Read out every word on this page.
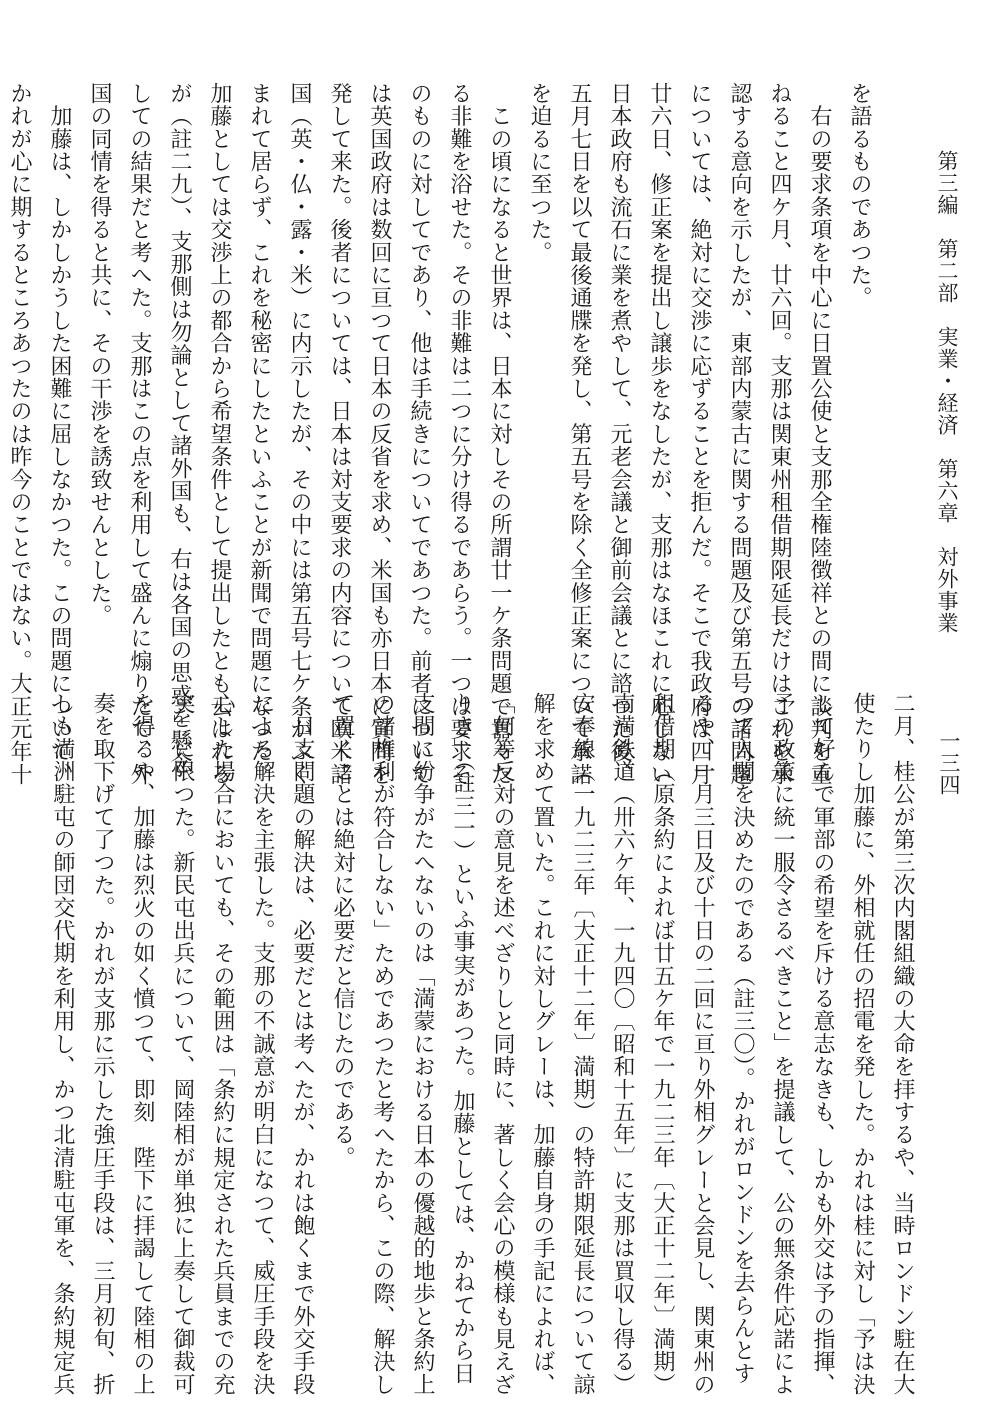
第三編　第二部　実業・経済　第六章　対外事業
一三四
を語るものであつた。
　右の要求条項を中心に日置公使と支那全権陸徴祥との間に談判を重
ねること四ケ月、廿六回。支那は関東州租借期限延長だけはこれを承
認する意向を示したが、東部内蒙古に関する問題及び第五号の諸問題
については、絶対に交渉に応ずることを拒んだ。そこで我政府は四月
廿六日、修正案を提出し譲歩をなしたが、支那はなほこれに応じない
日本政府も流石に業を煮やして、元老会議と御前会議とに諮つた後、
五月七日を以て最後通牒を発し、第五号を除く全修正案について承諾
を迫るに至つた。
　この頃になると世界は、日本に対しその所謂廿一ケ条問題で囂々た
る非難を浴せた。その非難は二つに分け得るであらう。一つは要求そ
のものに対してであり、他は手続きについてであつた。前者について
は英国政府は数回に亘つて日本の反省を求め、米国も亦日本に質問を
発して来た。後者については、日本は対支要求の内容について欧米諸
国（英・仏・露・米）に内示したが、その中には第五号七ケ条がふく
まれて居らず、これを秘密にしたといふことが新聞で問題になつた。
加藤としては交渉上の都合から希望条件として提出したとも云はれる
が（註二九）、支那側は勿論として諸外国も、右は各国の思惑を懸念
しての結果だと考へた。支那はこの点を利用して盛んに煽りたて、外
国の同情を得ると共に、その干渉を誘致せんとした。
　加藤は、しかしかうした困難に屈しなかつた。この問題について、
かれが心に期するところあつたのは昨今のことではない。大正元年十
二月、桂公が第三次内閣組織の大命を拝するや、当時ロンドン駐在大
使たりし加藤に、外相就任の招電を発した。かれは桂に対し「予は決
して好んで軍部の希望を斥ける意志なきも、しかも外交は予の指揮、
予の政策に統一服令さるべきこと」を提議して、公の無条件応諾によ
つて入閣を決めたのである（註三〇）。かれがロンドンを去らんとす
るや、一月三日及び十日の二回に亘り外相グレーと会見し、関東州の
租借期（原条約によれば廿五ケ年で一九二三年〔大正十二年〕満期）
南満鉄道（卅六ケ年、一九四〇〔昭和十五年〕に支那は買収し得る）
安奉線（一九二三年〔大正十二年〕満期）の特許期限延長について諒
解を求めて置いた。これに対しグレーは、加藤自身の手記によれば、
「何等反対の意見を述べざりしと同時に、著しく会心の模様も見えざ
りき」（註三一）といふ事実があつた。加藤としては、かねてから日
支間に紛争がたへないのは「満蒙における日本の優越的地歩と条約上
の諸権利が符合しない」ためであつたと考へたから、この際、解決し
て置くことは絶対に必要だと信じたのである。
　日支問題の解決は、必要だとは考へたが、かれは飽くまで外交手段
による解決を主張した。支那の不誠意が明白になつて、威圧手段を決
心した場合においても、その範囲は「条約に規定された兵員までの充
実」に限つた。新民屯出兵について、岡陸相が単独に上奏して御裁可
を得るや、加藤は烈火の如く憤つて、即刻　陛下に拝謁して陸相の上
奏を取下げて了つた。かれが支那に示した強圧手段は、三月初旬、折
しも満洲駐屯の師団交代期を利用し、かつ北清駐屯軍を、条約規定兵
